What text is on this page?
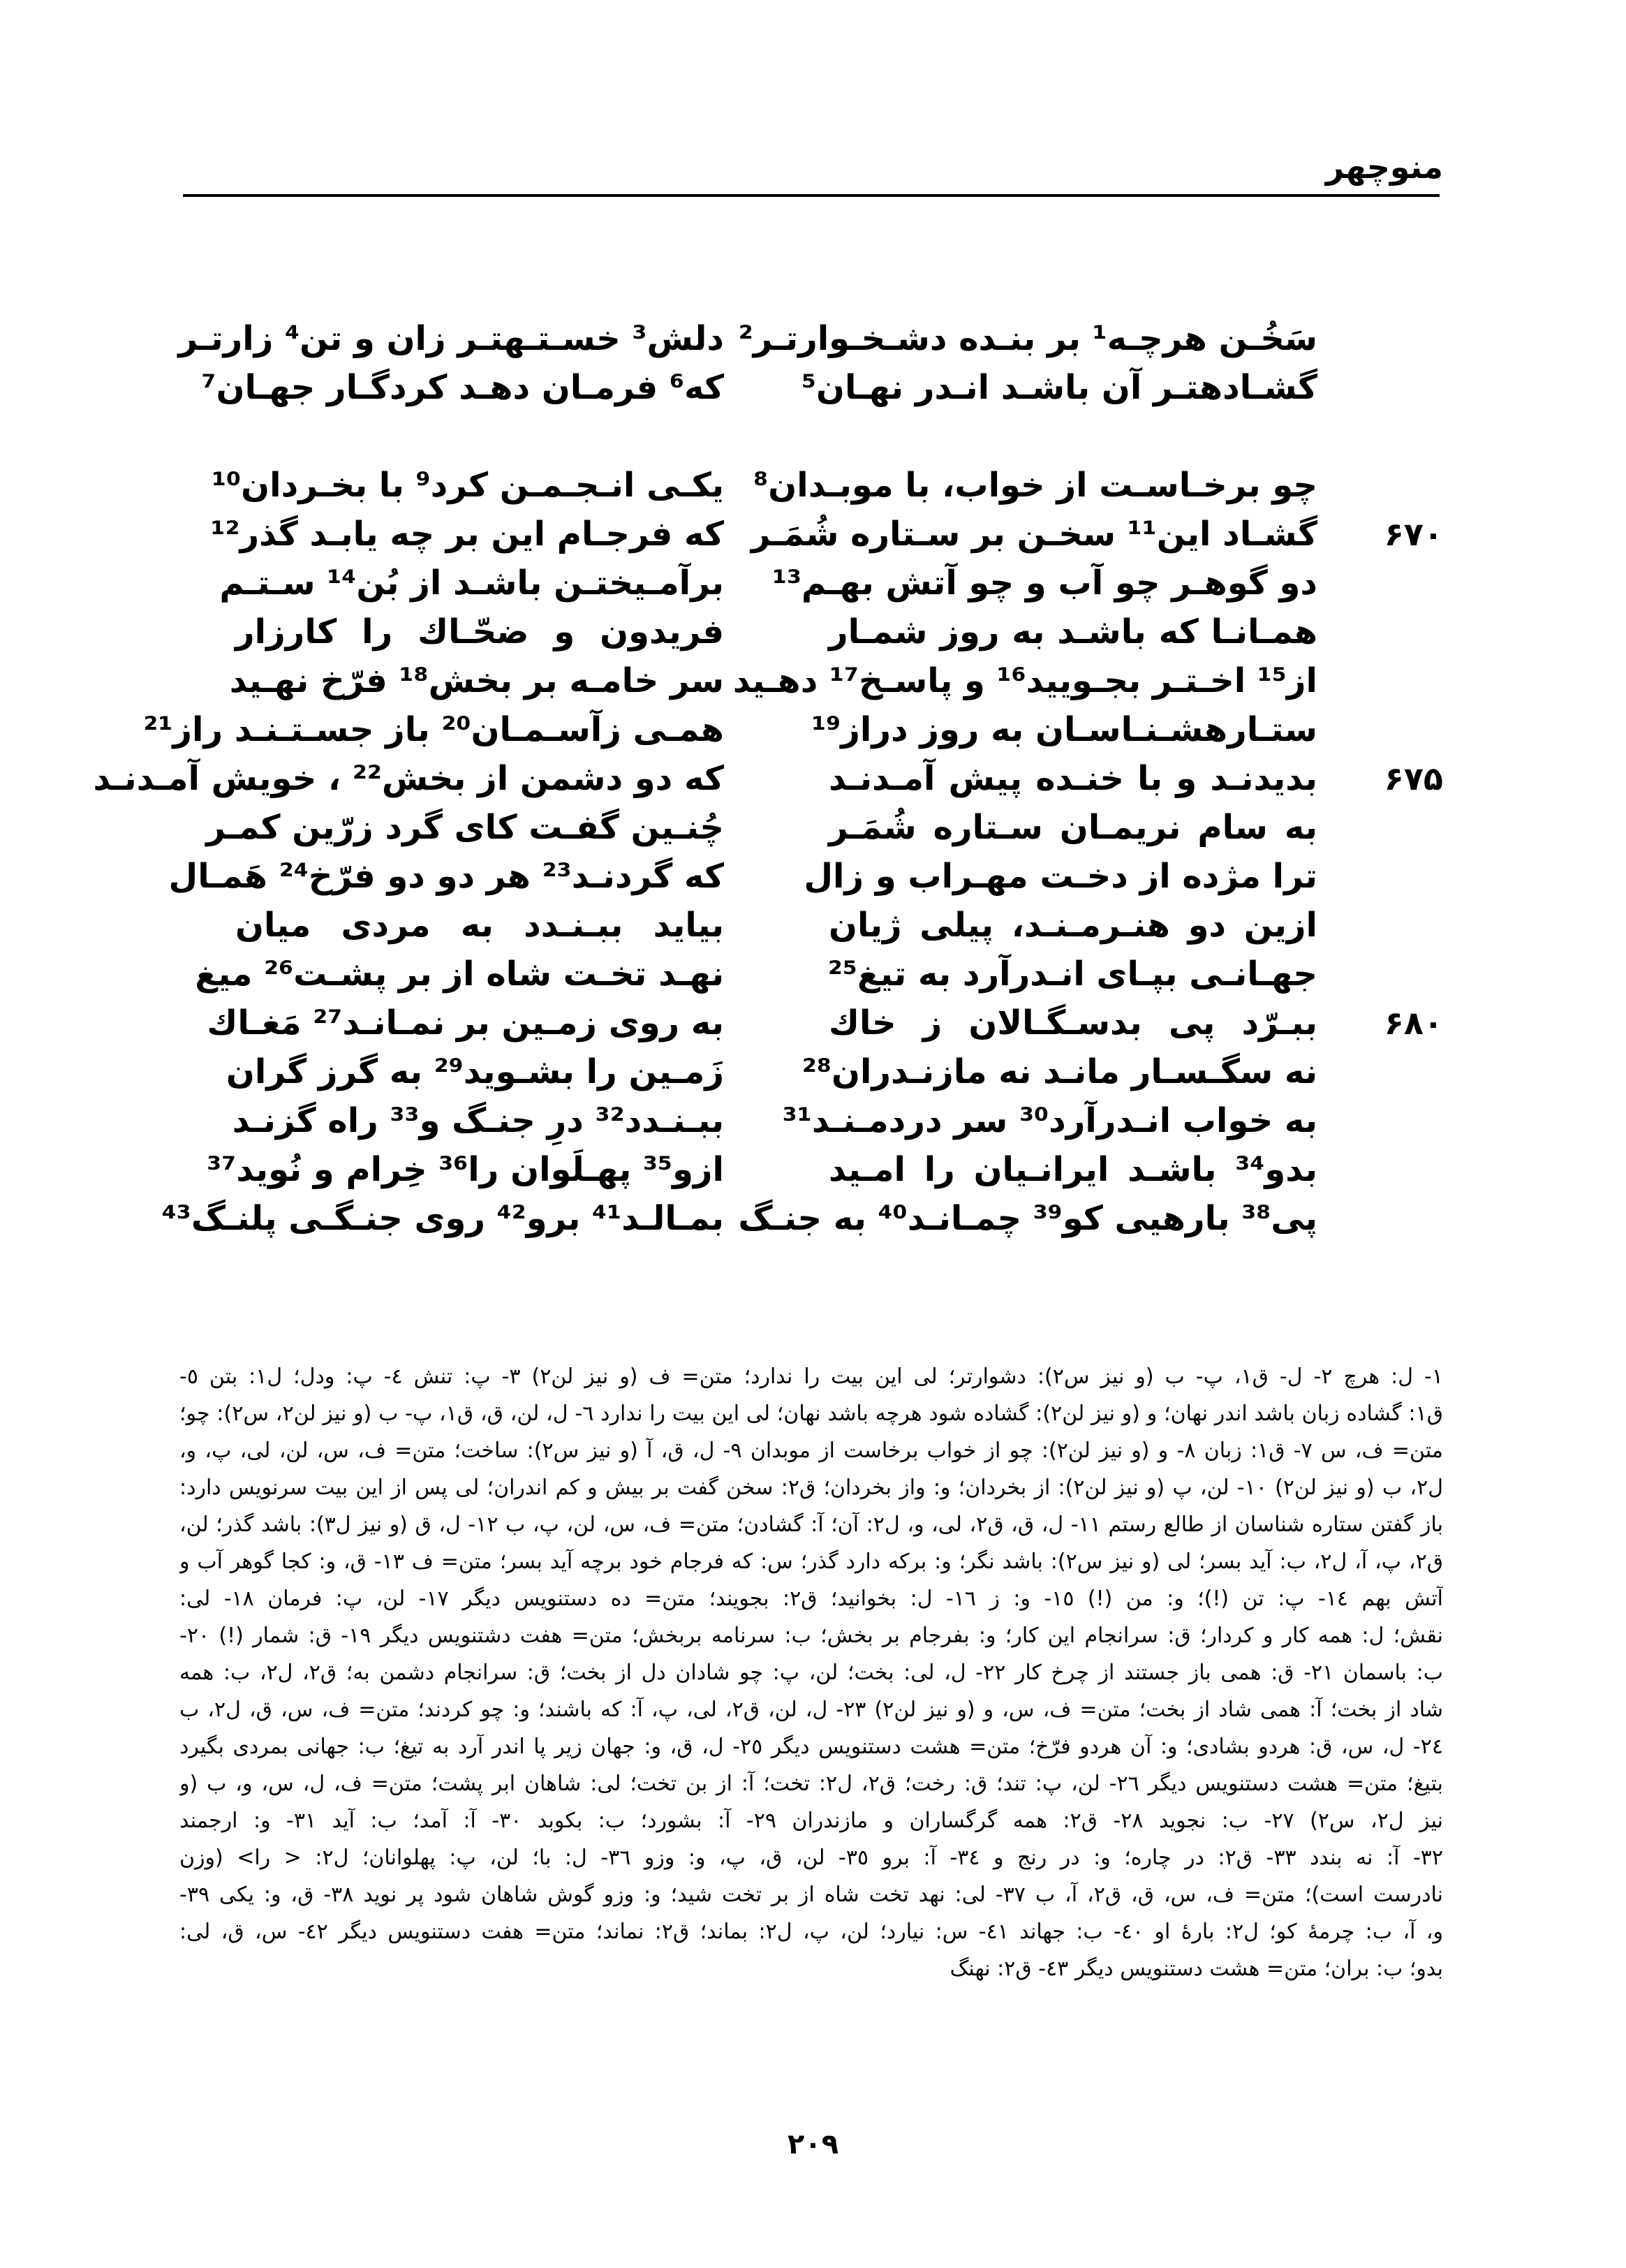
منوچهر
سَخُـن هرچـه¹ بر بنـده دشـخـوارتـر²
گشـادهتـر آن باشـد انـدر نهـان⁵
چو برخـاسـت از خواب، با موبـدان⁸
گشـاد این¹¹ سخـن بر سـتاره شُمَـر	۶۷۰
دو گوهـر چو آب و چو آتش بهـم¹³
همـانـا که باشـد به روز شمـار
از¹⁵ اخـتـر بجـوييد¹⁶ و پاسـخ¹⁷ دهـيد
ستـارهشـنـاسـان به روز دراز¹⁹
بديدنـد و با خنـده پيش آمـدنـد	۶۷۵
به سام نريمـان سـتاره شُمَـر
ترا مژده از دخـت مهـراب و زال
ازين دو هنـرمـنـد، پيلی ژيان
جهـانـی بپـای انـدرآرد به تيغ²⁵
ببـرّد پی بدسـگـالان ز خاك	۶۸۰
نه سگـسـار مانـد نه مازنـدران²⁸
به خواب انـدرآرد³⁰ سر دردمـنـد³¹
بدو³⁴ باشـد ايرانـيان را امـيد
پی³⁸ بارهيی کو³⁹ چمـانـد⁴⁰ به جنـگ
دلش³ خسـتـهتـر زان و تن⁴ زارتـر
که⁶ فرمـان دهـد کردگـار جهـان⁷
يکـی انـجـمـن کرد⁹ با بخـردان¹⁰
که فرجـام اين بر چه يابـد گذر¹²
برآمـيختـن باشـد از بُن¹⁴ سـتـم
فريدون و ضحّـاك را کارزار
سر خامـه بر بخش¹⁸ فرّخ نهـيد
همـی زآسـمـان²⁰ باز جسـتـنـد راز²¹
که دو دشمن از بخش²² ، خويش آمـدنـد
چُنـين گفـت کای گرد زرّين کمـر
که گردنـد²³ هر دو دو فرّخ²⁴ هَمـال
بيايد ببـنـدد به مردی ميان
نهـد تخـت شاه از بر پشـت²⁶ ميغ
به روی زمـين بر نمـانـد²⁷ مَغـاك
زَمـين را بشـويد²⁹ به گرز گران
ببـنـدد³² درِ جنـگ و³³ راه گزنـد
ازو³⁵ پهـلَوان را³⁶ خِرام و نُويد³⁷
بمـالـد⁴¹ برو⁴² روی جنـگـی پلنـگ⁴³
١- ل: هرچ ٢- ل- ق١، پ- ب (و نيز س٢): دشوارتر؛ لی اين بيت را ندارد؛ متن= ف (و نيز لن٢) ٣- پ: تنش ٤- پ: ودل؛ ل١: بتن ٥-
ق١: گشاده زبان باشد اندر نهان؛ و (و نيز لن٢): گشاده شود هرچه باشد نهان؛ لی اين بيت را ندارد ٦- ل، لن، ق، ق١، پ- ب (و نيز لن٢، س٢): چو؛
متن= ف، س ٧- ق١: زبان ٨- و (و نيز لن٢): چو از خواب برخاست از موبدان ٩- ل، ق، آ (و نيز س٢): ساخت؛ متن= ف، س، لن، لی، پ، و،
ل٢، ب (و نيز لن٢) ١٠- لن، پ (و نيز لن٢): از بخردان؛ و: واز بخردان؛ ق٢: سخن گفت بر بيش و کم اندران؛ لی پس از اين بيت سرنويس دارد:
باز گفتن ستاره شناسان از طالع رستم ١١- ل، ق، ق٢، لی، و، ل٢: آن؛ آ: گشادن؛ متن= ف، س، لن، پ، ب ١٢- ل، ق (و نيز ل٣): باشد گذر؛ لن،
ق٢، پ، آ، ل٢، ب: آيد بسر؛ لی (و نيز س٢): باشد نگر؛ و: برکه دارد گذر؛ س: که فرجام خود برچه آيد بسر؛ متن= ف ١٣- ق، و: کجا گوهر آب و
آتش بهم ١٤- پ: تن (!)؛ و: من (!) ١٥- و: ز ١٦- ل: بخوانيد؛ ق٢: بجويند؛ متن= ده دستنويس ديگر ١٧- لن، پ: فرمان ١٨- لی:
نقش؛ ل: همه کار و کردار؛ ق: سرانجام اين کار؛ و: بفرجام بر بخش؛ ب: سرنامه بربخش؛ متن= هفت دشتنويس ديگر ١٩- ق: شمار (!) ٢٠-
ب: باسمان ٢١- ق: همی باز جستند از چرخ کار ٢٢- ل، لی: بخت؛ لن، پ: چو شادان دل از بخت؛ ق: سرانجام دشمن به؛ ق٢، ل٢، ب: همه
شاد از بخت؛ آ: همی شاد از بخت؛ متن= ف، س، و (و نيز لن٢) ٢٣- ل، لن، ق٢، لی، پ، آ: که باشند؛ و: چو کردند؛ متن= ف، س، ق، ل٢، ب
٢٤- ل، س، ق: هردو بشادی؛ و: آن هردو فرّخ؛ متن= هشت دستنويس ديگر ٢٥- ل، ق، و: جهان زير پا اندر آرد به تيغ؛ ب: جهانی بمردی بگيرد
بتيغ؛ متن= هشت دستنويس ديگر ٢٦- لن، پ: تند؛ ق: رخت؛ ق٢، ل٢: تخت؛ آ: از بن تخت؛ لی: شاهان ابر پشت؛ متن= ف، ل، س، و، ب (و
نيز ل٢، س٢) ٢٧- ب: نجويد ٢٨- ق٢: همه گرگساران و مازندران ٢٩- آ: بشورد؛ ب: بکوبد ٣٠- آ: آمد؛ ب: آيد ٣١- و: ارجمند
٣٢- آ: نه بندد ٣٣- ق٢: در چاره؛ و: در رنج و ٣٤- آ: برو ٣٥- لن، ق، پ، و: وزو ٣٦- ل: با؛ لن، پ: پهلوانان؛ ل٢: < را> (وزن
نادرست است)؛ متن= ف، س، ق، ق٢، آ، ب ٣٧- لی: نهد تخت شاه از بر تخت شيد؛ و: وزو گوش شاهان شود پر نويد ٣٨- ق، و: يکی ٣٩-
و، آ، ب: چرمهٔ کو؛ ل٢: بارهٔ او ٤٠- ب: جهاند ٤١- س: نيارد؛ لن، پ، ل٢: بماند؛ ق٢: نماند؛ متن= هفت دستنويس ديگر ٤٢- س، ق، لی:
بدو؛ ب: بران؛ متن= هشت دستنويس ديگر ٤٣- ق٢: نهنگ
۲۰۹
